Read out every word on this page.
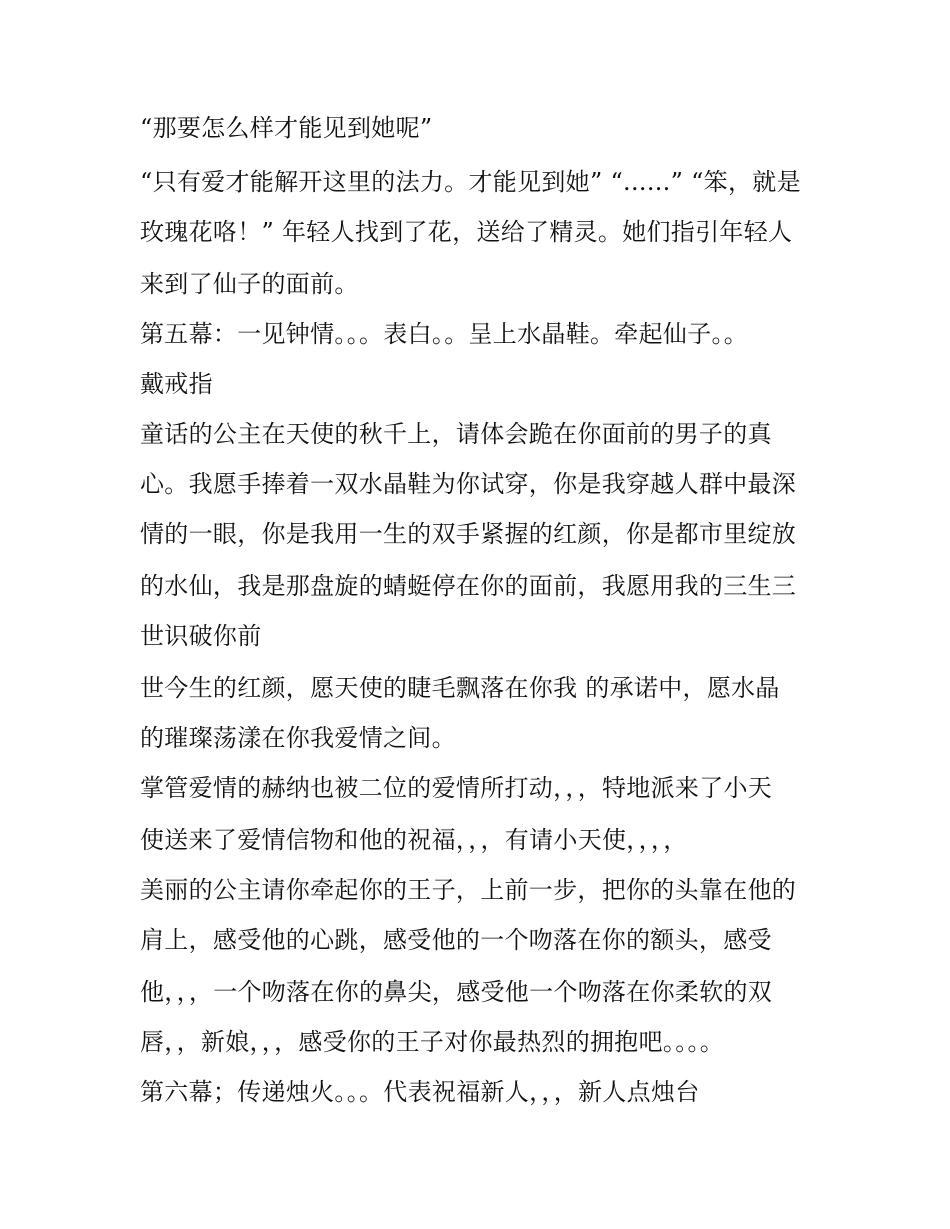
“那要怎么样才能见到她呢”
“只有爱才能解开这里的法力。才能见到她” “......” “笨，就是
玫瑰花咯！” 年轻人找到了花，送给了精灵。她们指引年轻人
来到了仙子的面前。
第五幕：一见钟情。。。表白。。呈上水晶鞋。牵起仙子。。
戴戒指
童话的公主在天使的秋千上，请体会跪在你面前的男子的真
心。我愿手捧着一双水晶鞋为你试穿，你是我穿越人群中最深
情的一眼，你是我用一生的双手紧握的红颜，你是都市里绽放
的水仙，我是那盘旋的蜻蜓停在你的面前，我愿用我的三生三
世识破你前
世今生的红颜，愿天使的睫毛飘落在你我 的承诺中，愿水晶
的璀璨荡漾在你我爱情之间。
掌管爱情的赫纳也被二位的爱情所打动，，，特地派来了小天
使送来了爱情信物和他的祝福，，，有请小天使，，，，
美丽的公主请你牵起你的王子，上前一步，把你的头靠在他的
肩上，感受他的心跳，感受他的一个吻落在你的额头，感受
他，，，一个吻落在你的鼻尖，感受他一个吻落在你柔软的双
唇，，新娘，，，感受你的王子对你最热烈的拥抱吧。。。。
第六幕；传递烛火。。。代表祝福新人，，，新人点烛台
